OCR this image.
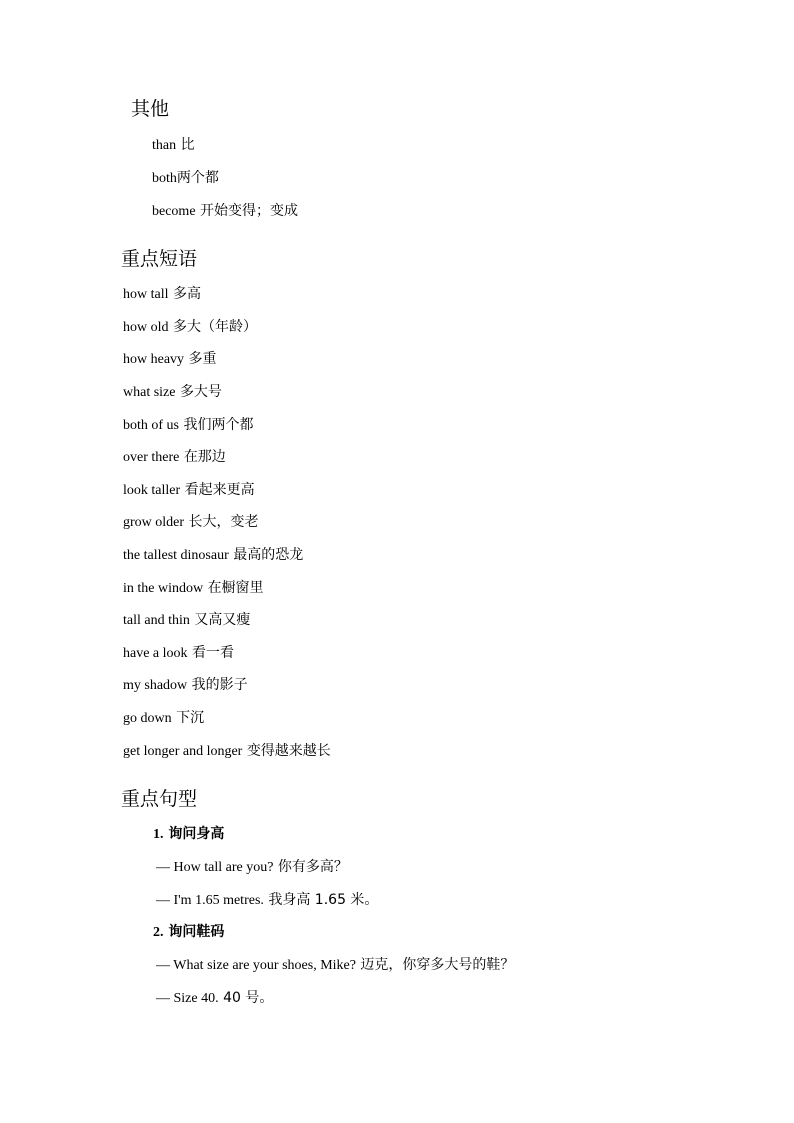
其他
than 比
both两个都
become 开始变得；变成
重点短语
how tall 多高
how old 多大（年龄）
how heavy 多重
what size 多大号
both of us 我们两个都
over there 在那边
look taller 看起来更高
grow older 长大，变老
the tallest dinosaur 最高的恐龙
in the window 在橱窗里
tall and thin 又高又瘦
have a look 看一看
my shadow 我的影子
go down 下沉
get longer and longer 变得越来越长
重点句型
1. 询问身高
— How tall are you? 你有多高？
— I'm 1.65 metres. 我身高 1.65 米。
2. 询问鞋码
— What size are your shoes, Mike? 迈克，你穿多大号的鞋？
— Size 40. 40 号。
